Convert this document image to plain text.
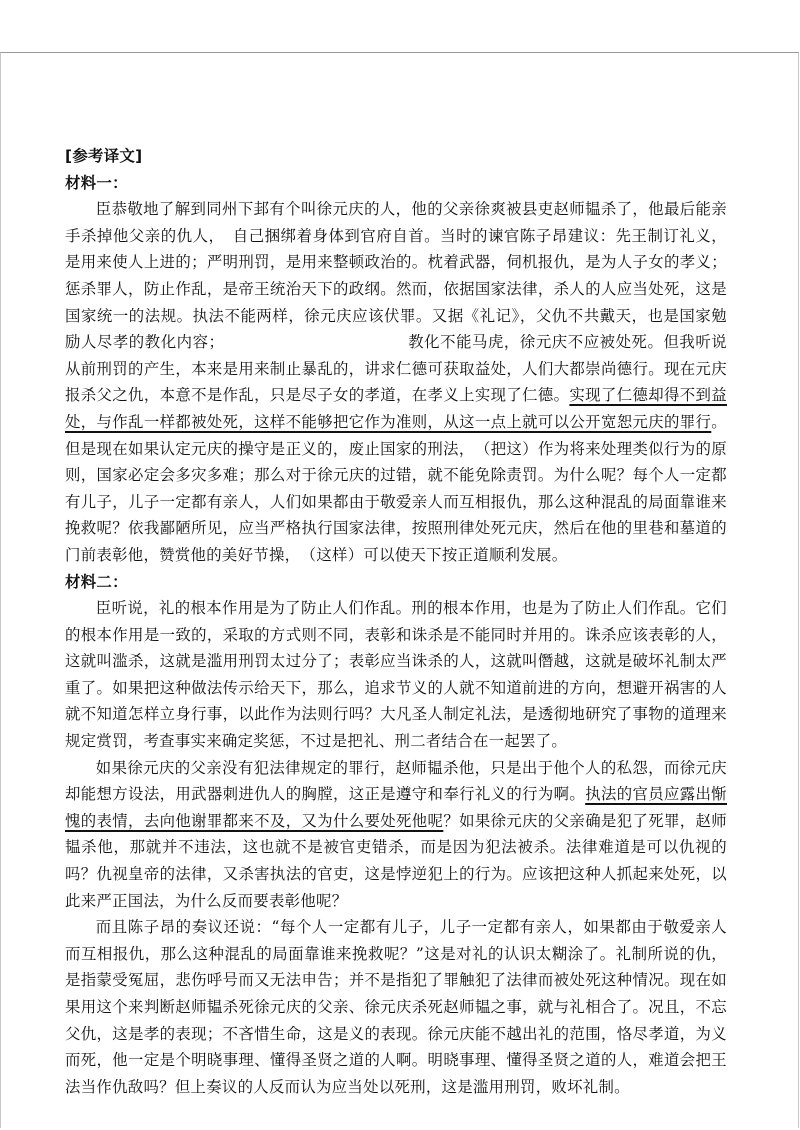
[参考译文]
材料一：

臣恭敬地了解到同州下邽有个叫徐元庆的人，他的父亲徐爽被县吏赵师韫杀了，他最后能亲手杀掉他父亲的仇人，　自己捆绑着身体到官府自首。当时的谏官陈子昂建议：先王制订礼义，是用来使人上进的；严明刑罚，是用来整顿政治的。枕着武器，伺机报仇，是为人子女的孝义；惩杀罪人，防止作乱，是帝王统治天下的政纲。然而，依据国家法律，杀人的人应当处死，这是国家统一的法规。执法不能两样，徐元庆应该伏罪。又据《礼记》，父仇不共戴天，也是国家勉励人尽孝的教化内容；　　　　　　　　　　　　教化不能马虎，徐元庆不应被处死。但我听说从前刑罚的产生，本来是用来制止暴乱的，讲求仁德可获取益处，人们大都崇尚德行。现在元庆报杀父之仇，本意不是作乱，只是尽子女的孝道，在孝义上实现了仁德。实现了仁德却得不到益处，与作乱一样都被处死，这样不能够把它作为准则，从这一点上就可以公开宽恕元庆的罪行。但是现在如果认定元庆的操守是正义的，废止国家的刑法，　（把这）作为将来处理类似行为的原则，国家必定会多灾多难；那么对于徐元庆的过错，就不能免除责罚。为什么呢？每个人一定都有儿子，儿子一定都有亲人，人们如果都由于敬爱亲人而互相报仇，那么这种混乱的局面靠谁来挽救呢？依我鄙陋所见，应当严格执行国家法律，按照刑律处死元庆，然后在他的里巷和墓道的门前表彰他，赞赏他的美好节操，　（这样）可以使天下按正道顺利发展。

材料二：

臣听说，礼的根本作用是为了防止人们作乱。刑的根本作用，也是为了防止人们作乱。它们的根本作用是一致的，采取的方式则不同，表彰和诛杀是不能同时并用的。诛杀应该表彰的人，这就叫滥杀，这就是滥用刑罚太过分了；表彰应当诛杀的人，这就叫僭越，这就是破坏礼制太严重了。如果把这种做法传示给天下，那么，追求节义的人就不知道前进的方向，想避开祸害的人就不知道怎样立身行事，以此作为法则行吗？大凡圣人制定礼法，是透彻地研究了事物的道理来规定赏罚，考查事实来确定奖惩，不过是把礼、刑二者结合在一起罢了。

如果徐元庆的父亲没有犯法律规定的罪行，赵师韫杀他，只是出于他个人的私怨，而徐元庆却能想方设法，用武器刺进仇人的胸膛，这正是遵守和奉行礼义的行为啊。执法的官员应露出惭愧的表情，去向他谢罪都来不及，又为什么要处死他呢？如果徐元庆的父亲确是犯了死罪，赵师韫杀他，那就并不违法，这也就不是被官吏错杀，而是因为犯法被杀。法律难道是可以仇视的吗？仇视皇帝的法律，又杀害执法的官吏，这是悖逆犯上的行为。应该把这种人抓起来处死，以此来严正国法，为什么反而要表彰他呢？

而且陈子昂的奏议还说：“每个人一定都有儿子，儿子一定都有亲人，如果都由于敬爱亲人而互相报仇，那么这种混乱的局面靠谁来挽救呢？”这是对礼的认识太糊涂了。礼制所说的仇，是指蒙受冤屈，悲伤呼号而又无法申告；并不是指犯了罪触犯了法律而被处死这种情况。现在如果用这个来判断赵师韫杀死徐元庆的父亲、徐元庆杀死赵师韫之事，就与礼相合了。况且，不忘父仇，这是孝的表现；不吝惜生命，这是义的表现。徐元庆能不越出礼的范围，恪尽孝道，为义而死，他一定是个明晓事理、懂得圣贤之道的人啊。明晓事理、懂得圣贤之道的人，难道会把王法当作仇敌吗？但上奏议的人反而认为应当处以死刑，这是滥用刑罚，败坏礼制。
